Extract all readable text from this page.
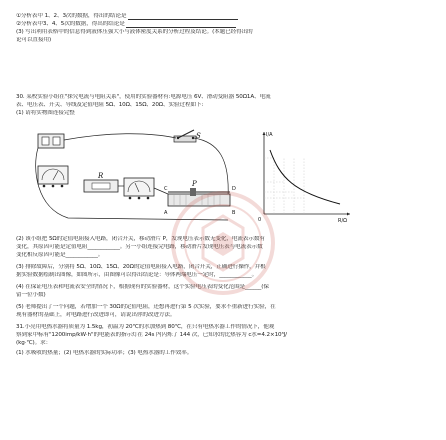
①分析表中 1、2、3次的数据，得出的结论是
②分析表中3、4、5次的数据，得出的结论是
(3) 写出利用表格中的信息得到液体压强大小与液体密度关系的分析过程及结论。(本题已经得出的
论可以直接用)
30. 某校实验小组在"探究电流与电阻关系"，使用的实验器材有:电源电压 6V、滑动变阻器 50Ω1A、电流
表、电压表、开关、导线及定值电阻 5Ω、10Ω、15Ω、20Ω、实验过程如下:
(1) 请将实物图连接完整
S
R
P
C	D
A	B
I/A
R/Ω
0
(2) 该小组把 5Ω的定值电阻接入电路，闭合开关，移动滑片 P，发现电压表示数无变化，电流表示数有
变化，其原因可能是定值电阻____________。另一小组连接完电路，移动滑片发现电压表与电流表示数
变化相反原因可能是____________。
(3) 排除故障后，分别将 5Ω、10Ω、15Ω、20Ω的定值电阻接入电路，闭合开关，正确进行操作，并根
据实验数据绘制出图像，如图所示，由图像可以得出结论是：导体两端电压一定时，____________。
(4) 在保证电压表和电流表安全的情况下，根据现有的实验器材，这个实验电压表的变化范围是______(保
留一位小数)
(5) 老师提出了一个问题，若增加一个 30Ω的定值电阻，还想再进行第 5 次实验，要求不重新进行实验，在
现有器材的基础上，对电路进行改进即可，请说出你的改进方法。
31.小亮用电热水器将质量为 1.5kg，初温为 20℃的水加热到 80℃，在只有电热水器工作的情况下，他观
察到家中标有"1200imp/kW·h"的电能表的指示灯在 24s 内闪烁了 144 次，已知水的比热容为 c水=4.2×10³J/
(kg·℃)。求：
(1) 水吸收的热量；(2) 电热水器的实际功率；(3) 电热水器的工作效率。
